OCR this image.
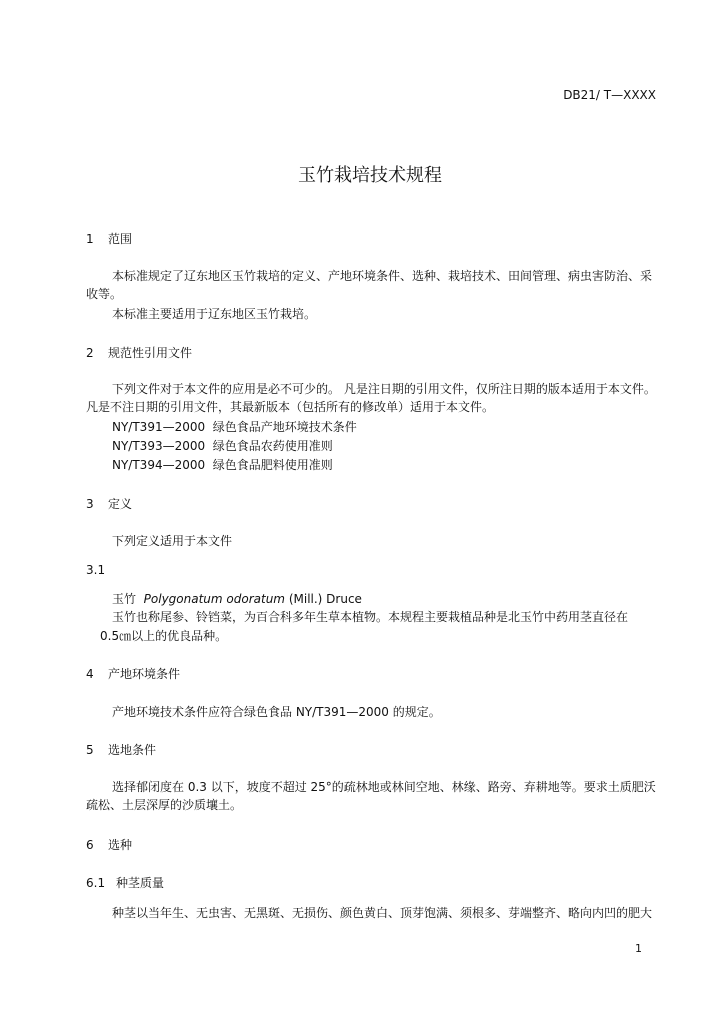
DB21/ T—XXXX
玉竹栽培技术规程
1 范围
本标准规定了辽东地区玉竹栽培的定义、产地环境条件、选种、栽培技术、田间管理、病虫害防治、采收等。
本标准主要适用于辽东地区玉竹栽培。
2 规范性引用文件
下列文件对于本文件的应用是必不可少的。 凡是注日期的引用文件，仅所注日期的版本适用于本文件。凡是不注日期的引用文件，其最新版本（包括所有的修改单）适用于本文件。
NY/T391—2000 绿色食品产地环境技术条件
NY/T393—2000 绿色食品农药使用准则
NY/T394—2000 绿色食品肥料使用准则
3 定义
下列定义适用于本文件
3.1
玉竹 Polygonatum odoratum (Mill.) Druce
玉竹也称尾参、铃铛菜，为百合科多年生草本植物。本规程主要栽植品种是北玉竹中药用茎直径在
0.5㎝以上的优良品种。
4 产地环境条件
产地环境技术条件应符合绿色食品 NY/T391—2000 的规定。
5 选地条件
选择郁闭度在 0.3 以下，坡度不超过 25°的疏林地或林间空地、林缘、路旁、弃耕地等。要求土质肥沃疏松、土层深厚的沙质壤土。
6 选种
6.1 种茎质量
种茎以当年生、无虫害、无黑斑、无损伤、颜色黄白、顶芽饱满、须根多、芽端整齐、略向内凹的肥大
1
